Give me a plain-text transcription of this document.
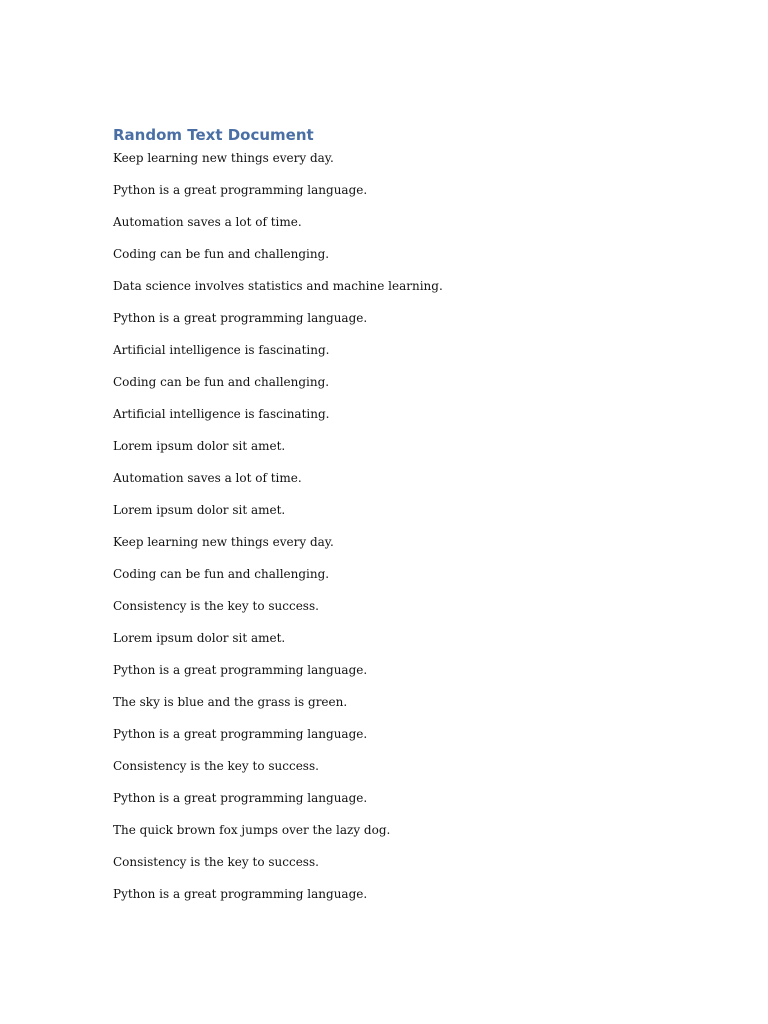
Random Text Document
Keep learning new things every day.
Python is a great programming language.
Automation saves a lot of time.
Coding can be fun and challenging.
Data science involves statistics and machine learning.
Python is a great programming language.
Artificial intelligence is fascinating.
Coding can be fun and challenging.
Artificial intelligence is fascinating.
Lorem ipsum dolor sit amet.
Automation saves a lot of time.
Lorem ipsum dolor sit amet.
Keep learning new things every day.
Coding can be fun and challenging.
Consistency is the key to success.
Lorem ipsum dolor sit amet.
Python is a great programming language.
The sky is blue and the grass is green.
Python is a great programming language.
Consistency is the key to success.
Python is a great programming language.
The quick brown fox jumps over the lazy dog.
Consistency is the key to success.
Python is a great programming language.
